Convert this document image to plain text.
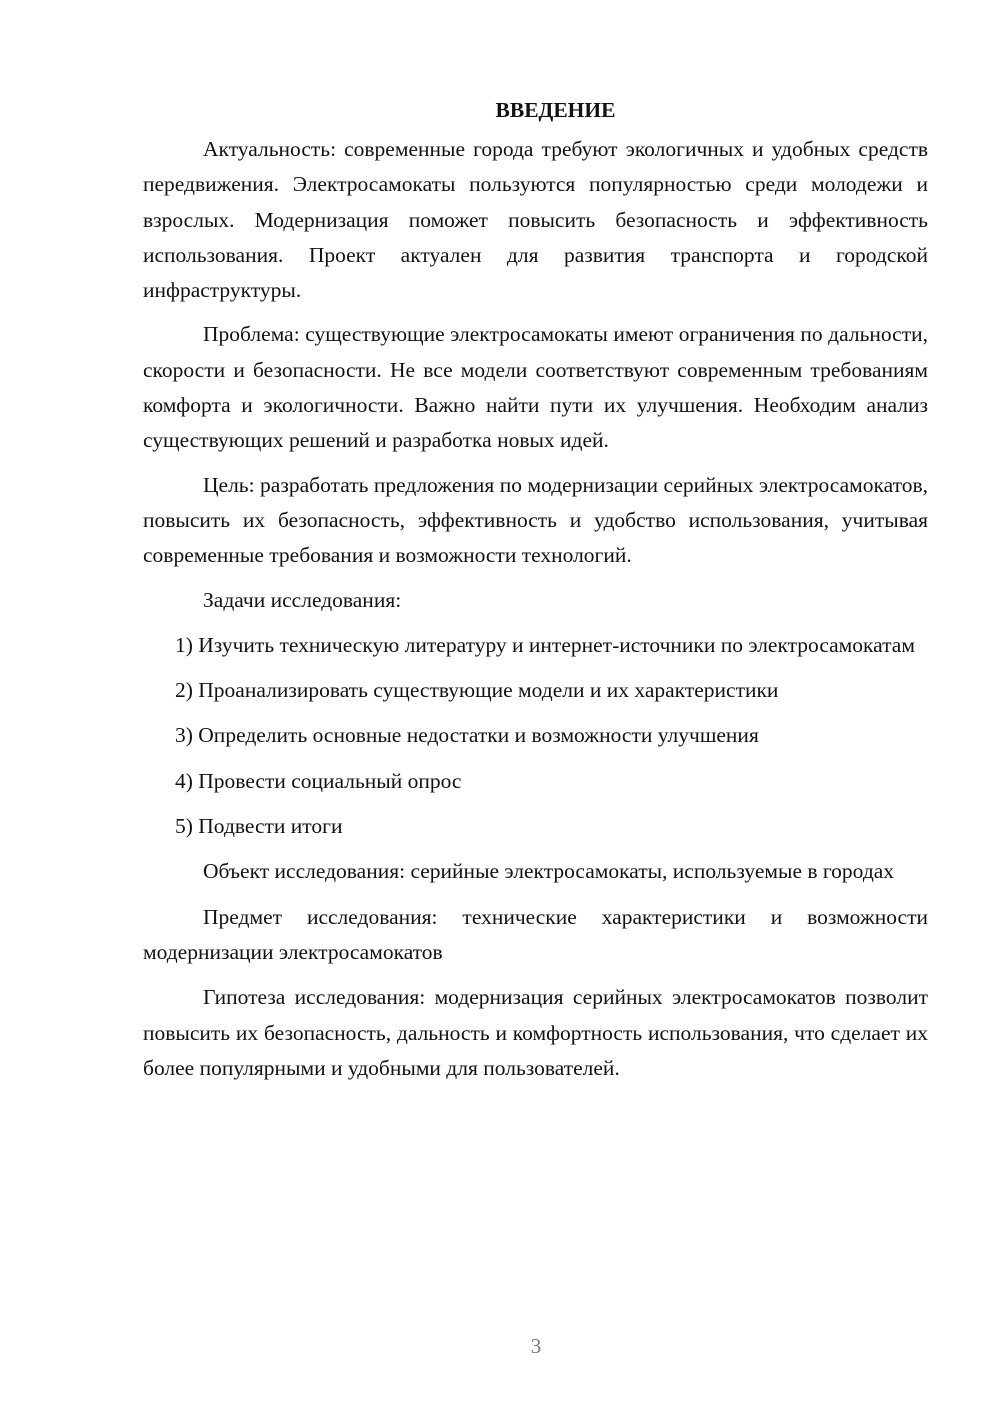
ВВЕДЕНИЕ

Актуальность: современные города требуют экологичных и удобных средств передвижения. Электросамокаты пользуются популярностью среди молодежи и взрослых. Модернизация поможет повысить безопасность и эффективность использования. Проект актуален для развития транспорта и городской инфраструктуры.

Проблема: существующие электросамокаты имеют ограничения по дальности, скорости и безопасности. Не все модели соответствуют современным требованиям комфорта и экологичности. Важно найти пути их улучшения. Необходим анализ существующих решений и разработка новых идей.

Цель: разработать предложения по модернизации серийных электросамокатов, повысить их безопасность, эффективность и удобство использования, учитывая современные требования и возможности технологий.

Задачи исследования:

1) Изучить техническую литературу и интернет-источники по электросамокатам

2) Проанализировать существующие модели и их характеристики

3) Определить основные недостатки и возможности улучшения

4) Провести социальный опрос

5) Подвести итоги

Объект исследования: серийные электросамокаты, используемые в городах

Предмет исследования: технические характеристики и возможности модернизации электросамокатов

Гипотеза исследования: модернизация серийных электросамокатов позволит повысить их безопасность, дальность и комфортность использования, что сделает их более популярными и удобными для пользователей.

3
